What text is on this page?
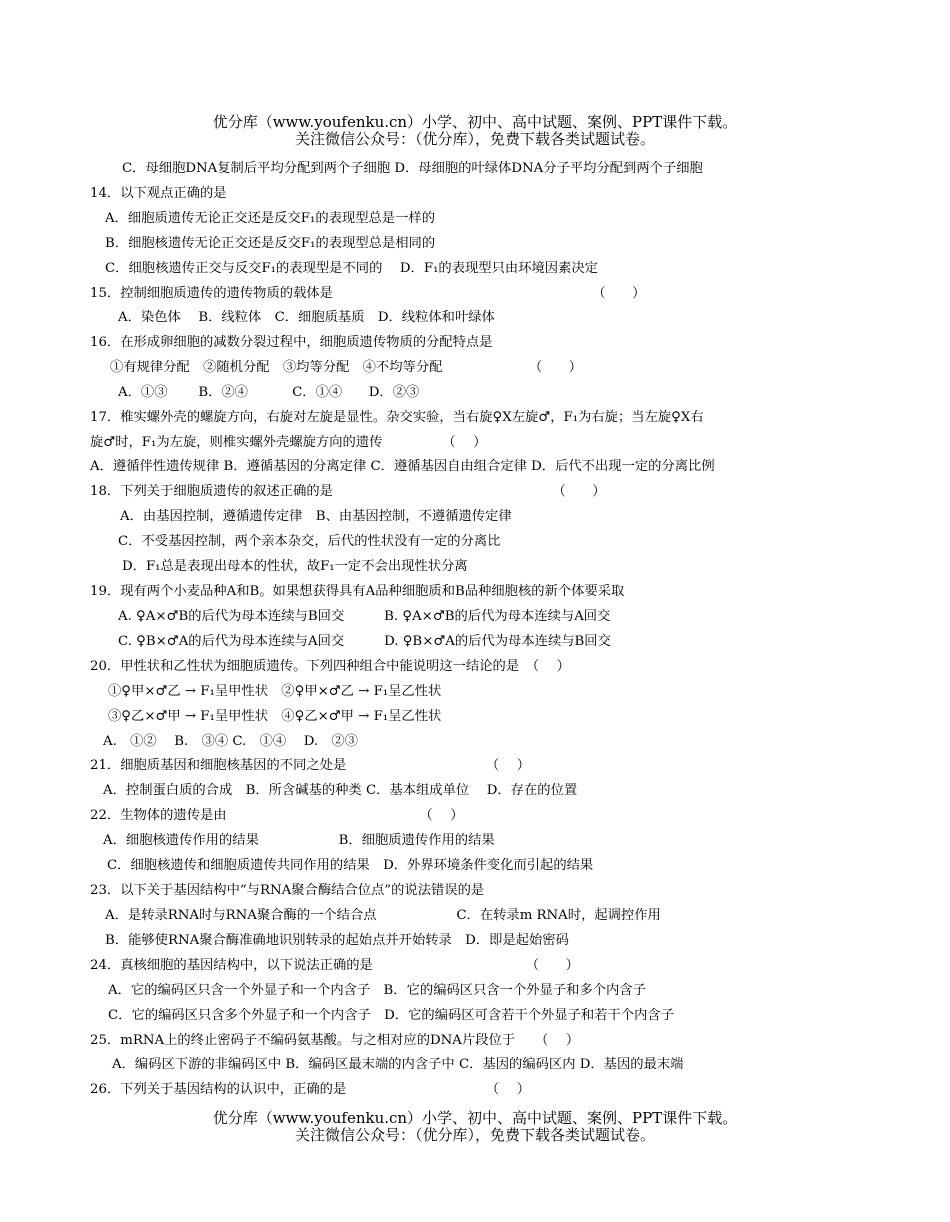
优分库（www.youfenku.cn）小学、初中、高中试题、案例、PPT课件下载。
关注微信公众号：（优分库），免费下载各类试题试卷。
C．母细胞DNA复制后平均分配到两个子细胞 D．母细胞的叶绿体DNA分子平均分配到两个子细胞
14．以下观点正确的是
A．细胞质遗传无论正交还是反交F₁的表现型总是一样的
B．细胞核遗传无论正交还是反交F₁的表现型总是相同的
C．细胞核遗传正交与反交F₁的表现型是不同的　 D．F₁的表现型只由环境因素决定
15．控制细胞质遗传的遗传物质的载体是　　　　　　　　　　　　　　　　　　　　（　　）
A．染色体　 B．线粒体　C．细胞质基质　D．线粒体和叶绿体
16．在形成卵细胞的减数分裂过程中，细胞质遗传物质的分配特点是
①有规律分配　②随机分配　③均等分配　④不均等分配　　　　　　　（　　）
A．①③　　 B．②④　　　 C．①④　　D．②③
17．椎实螺外壳的螺旋方向，右旋对左旋是显性。杂交实验，当右旋♀X左旋♂，F₁为右旋；当左旋♀X右
旋♂时，F₁为左旋，则椎实螺外壳螺旋方向的遗传　　　　　（　 ）
A．遵循伴性遗传规律 B．遵循基因的分离定律 C．遵循基因自由组合定律 D．后代不出现一定的分离比例
18．下列关于细胞质遗传的叙述正确的是　　　　　　　　　　　　　　　　　（　　）
A．由基因控制，遵循遗传定律　B、由基因控制，不遵循遗传定律
C．不受基因控制，两个亲本杂交，后代的性状没有一定的分离比
D．F₁总是表现出母本的性状，故F₁一定不会出现性状分离
19．现有两个小麦品种A和B。如果想获得具有A品种细胞质和B品种细胞核的新个体要采取
A. ♀A×♂B的后代为母本连续与B回交　　　B. ♀A×♂B的后代为母本连续与A回交
C. ♀B×♂A的后代为母本连续与A回交　　　D. ♀B×♂A的后代为母本连续与B回交
20．甲性状和乙性状为细胞质遗传。下列四种组合中能说明这一结论的是　（　 ）
①♀甲×♂乙 → F₁呈甲性状　②♀甲×♂乙 → F₁呈乙性状
③♀乙×♂甲 → F₁呈甲性状　④♀乙×♂甲 → F₁呈乙性状
A.　①②　 B.　③④ C.　①④　 D.　②③
21．细胞质基因和细胞核基因的不同之处是　　　　　　　　　　　（　 ）
A．控制蛋白质的合成　B．所含碱基的种类 C．基本组成单位　 D．存在的位置
22．生物体的遗传是由　　　　　　　　　　　　　　　（　 ）
A．细胞核遗传作用的结果　　　　　　B．细胞质遗传作用的结果
C．细胞核遗传和细胞质遗传共同作用的结果　D．外界环境条件变化而引起的结果
23．以下关于基因结构中“与RNA聚合酶结合位点”的说法错误的是
A．是转录RNA时与RNA聚合酶的一个结合点　　　　　　C．在转录m RNA时，起调控作用
B．能够使RNA聚合酶准确地识别转录的起始点并开始转录　D．即是起始密码
24．真核细胞的基因结构中，以下说法正确的是　　　　　　　　　　　　（　　）
A．它的编码区只含一个外显子和一个内含子　B．它的编码区只含一个外显子和多个内含子
C．它的编码区只含多个外显子和一个内含子　D．它的编码区可含若干个外显子和若干个内含子
25．mRNA上的终止密码子不编码氨基酸。与之相对应的DNA片段位于　　（　 ）
A．编码区下游的非编码区中 B．编码区最末端的内含子中 C．基因的编码区内 D．基因的最末端
26．下列关于基因结构的认识中，正确的是　　　　　　　　　　　（　 ）
优分库（www.youfenku.cn）小学、初中、高中试题、案例、PPT课件下载。
关注微信公众号：（优分库），免费下载各类试题试卷。
